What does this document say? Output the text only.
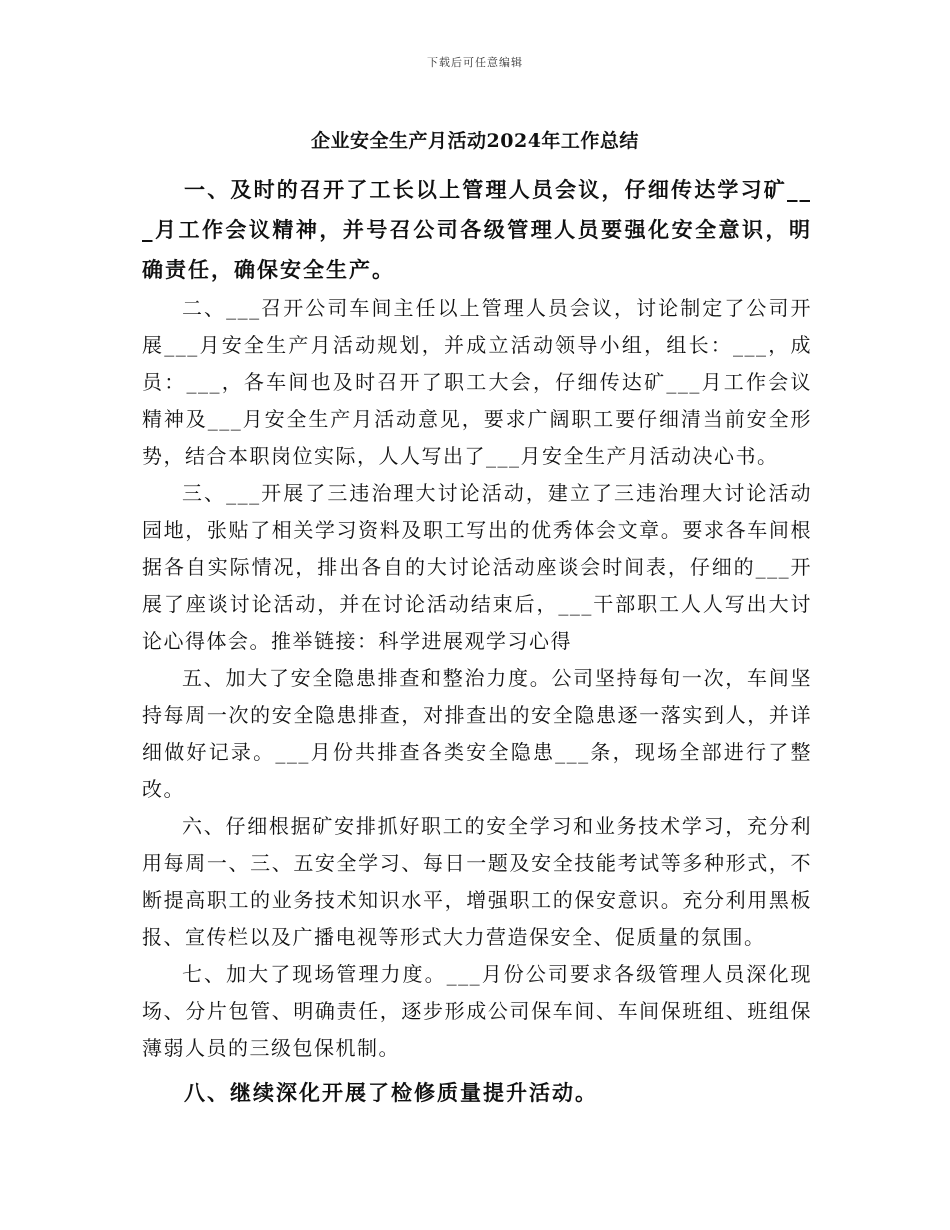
下载后可任意编辑
企业安全生产月活动2024年工作总结

一、及时的召开了工长以上管理人员会议，仔细传达学习矿___月工作会议精神，并号召公司各级管理人员要强化安全意识，明确责任，确保安全生产。

二、___召开公司车间主任以上管理人员会议，讨论制定了公司开展___月安全生产月活动规划，并成立活动领导小组，组长：___，成员：___，各车间也及时召开了职工大会，仔细传达矿___月工作会议精神及___月安全生产月活动意见，要求广阔职工要仔细清当前安全形势，结合本职岗位实际，人人写出了___月安全生产月活动决心书。

三、___开展了三违治理大讨论活动，建立了三违治理大讨论活动园地，张贴了相关学习资料及职工写出的优秀体会文章。要求各车间根据各自实际情况，排出各自的大讨论活动座谈会时间表，仔细的___开展了座谈讨论活动，并在讨论活动结束后，___干部职工人人写出大讨论心得体会。推举链接：科学进展观学习心得

五、加大了安全隐患排查和整治力度。公司坚持每旬一次，车间坚持每周一次的安全隐患排查，对排查出的安全隐患逐一落实到人，并详细做好记录。___月份共排查各类安全隐患___条，现场全部进行了整改。

六、仔细根据矿安排抓好职工的安全学习和业务技术学习，充分利用每周一、三、五安全学习、每日一题及安全技能考试等多种形式，不断提高职工的业务技术知识水平，增强职工的保安意识。充分利用黑板报、宣传栏以及广播电视等形式大力营造保安全、促质量的氛围。

七、加大了现场管理力度。___月份公司要求各级管理人员深化现场、分片包管、明确责任，逐步形成公司保车间、车间保班组、班组保薄弱人员的三级包保机制。

八、继续深化开展了检修质量提升活动。
